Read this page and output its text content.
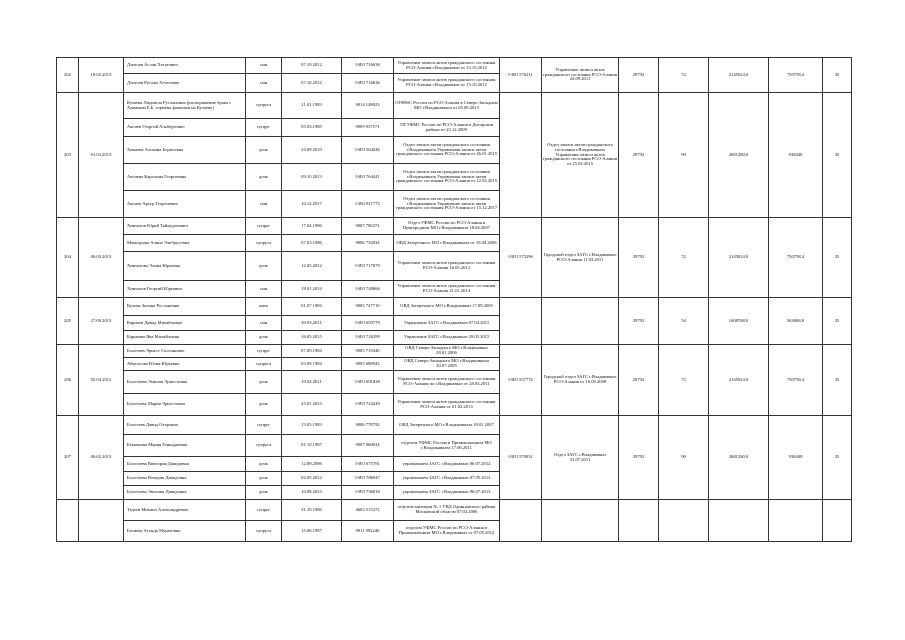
202	18.02.2013	Дзитоев Аслан Хетагович	сын	07.10.2012	I-ИО 716636	Управление записи актов гражданского состояния РСО-Алания г.Владикавказ от 13.10.2012	I-ИО 576211	Управление записи актов гражданского состояния РСО-Алания 24.09.2011	29792	72	2145024,0	750758,4	35
		Дзитоев Руслан Хетагович	сын	07.10.2012	I-ИО 716636	Управление записи актов гражданского состояния РСО-Алания г.Владикавказ от 13.10.2012							
203	01.03.2013	Кулаева Людмила Руслановна (распоряжение брака с Хаманым Б.Б. гормена фамилии на Кулаеву)	супруга	21.01.1983	9014 148023	ОУФМС России по РСО-Алания в Северо-Западном МО г.Владикавказа от 05.09.2013		Отдел записи актов гражданского состояния г.Владикавказа Управления записи актов гражданского состояния РСО-Алания от 25.02.2015	29792	90	2681280,0	938448	35
		Аксиев Георгий Альбертович	супруг	05.03.1985	9009 937571	ТП УФМС России по РСО-Алания в Дигорском районе от 23.12.2009							
		Хамаева Алсанна Борисовна	дочь	24.09.2010	I-ИО 564246	Отдел записи актов гражданского состояния г.Владикавказа Управления записи актов гражданского состояния РСО-Алания от 26.01.2015							
		Аксиева Каролина Георгиевна	дочь	09.10.2013	I-ИО 764441	Отдел записи актов гражданского состояния г.Владикавказа Управления записи актов гражданского состояния РСО-Алания от 12.03.2015							
		Аксиев Артур Георгиевич	сын	10.12.2017	I-ИО 811773	Отдел записи актов гражданского состояния г.Владикавказа Управление записи актов гражданского состояния РСО-Алания от 15.12.2017							
204	06.03.2013	Хинчагов Юрий Таймуразович	супруг	17.04.1986	9007 786374	Отдел УФМС России по РСО-Алания в Пригородном МО г.Владикавказа 18.04.2007	I-ИО 575296	Городской отдел ЗАГС г.Владикавказ РСО-Алания 11.03.2011	29792	72	2145024,0	750758,4	35
		Мамсурова Алина Эльбрусовна	супруга	07.03.1986	9006 732834	ОВД Затеречного МО г.Владикавказа от 18.04.2006							
		Хинчагова Элина Юрьевна	дочь	12.05.2012	I-ИО 717079	Управление записи актов гражданского состояния РСО-Алания 16.05.2012							
		Хинчагов Георгий Юрьевич	сын	18.01.2014	I-ИО 748666	Управление записи актов гражданского состояния РСО-Алания 21.01.2014							
205	27.09.2013	Кулова Залина Руслановна	мать	01.07.1984	9005 747710	ОВД Затеречного МО г.Владикавказ 17.09.2005			29792	54	1608768,0	563068,8	35
		Карнаев Давид Михайлович	сын	29.03.2011	I-ИО 693779	Управление ЗАГС г.Владикавказ 07.04.2011							
		Карнаева Ява Михайловна	дочь	16.05.2015	I-ИО 726299	Управление ЗАГС г.Владикавказ 29.05.2015							
206	05.04.2013	Болотаев Эрнест Солтанович	супруг	07.09.1984	9005 715040	ОВД Северо-Западного МО г.Владикавказ 28.01.2006	I-ИО 537772	Городской отдел ЗАГС г.Владикавказ РСО-Алания от 16.09.2008	29792	72	2145024,0	750758,4	35
		Абисалова Юлия Юрьевна	супруга	03.09.1984	9005 688943	ОВД Северо-Западного МО г.Владикавказа 30.07.2005							
		Болотаева Эмилия Эрнестовна	дочь	19.04.2011	I-ИО 691828	Управление записи актов гражданского состояния РСО-Алания по г.Владикавказ от 28.04.2011							
		Болотаева Мария Эрнестовна	дочь	25.01.2013	I-ИО 724249	Управление записи актов гражданского состояния РСО-Алания от 01.02.2013							
207	06.02.2013	Болотаев Давид Отарович	супруг	13.05.1983	9006 778792	ОВД Затеречного МО г.Владикавказа 18.01.2007	I-ИО 570031	Отдел ЗАГС г.Владикавказ 31.07.2011	29792	90	2681280,0	938448	35
		Бекаонова Мария Геннадиевна	супруга	01.10.1987	9007 960634	отделом УФМС России в Промышленном МО г.Владикавказа 17.06.2011							
		Болотаева Виктория Давидовна	дочь	12.09.2006	I-ИО 675781	управлением ЗАГС г.Владикавказ 06.07.2012							
		Болотаева Валерия Давидовна	дочь	02.05.2012	I-ИО 786947	управлением ЗАГС г.Владикавказ 07.05.2012							
		Болотаева Эвелина Давидовна	дочь	10.08.2013	I-ИО 736018	управлением ЗАГС г.Владикавказ 06.07.2013							
		Тедеев Михаил Александрович	супруг	31.10.1986	4603 515272	отделом милиции № 1 УВД Одинцовского района Московской области 07.02.2006							
		Басиева Агунда Муратовна	супруга	15.06.1987	9011 992246	отделом УФМС России по РСО-Алания в Промышленном МО г.Владикавказ от 07.05.2012							
